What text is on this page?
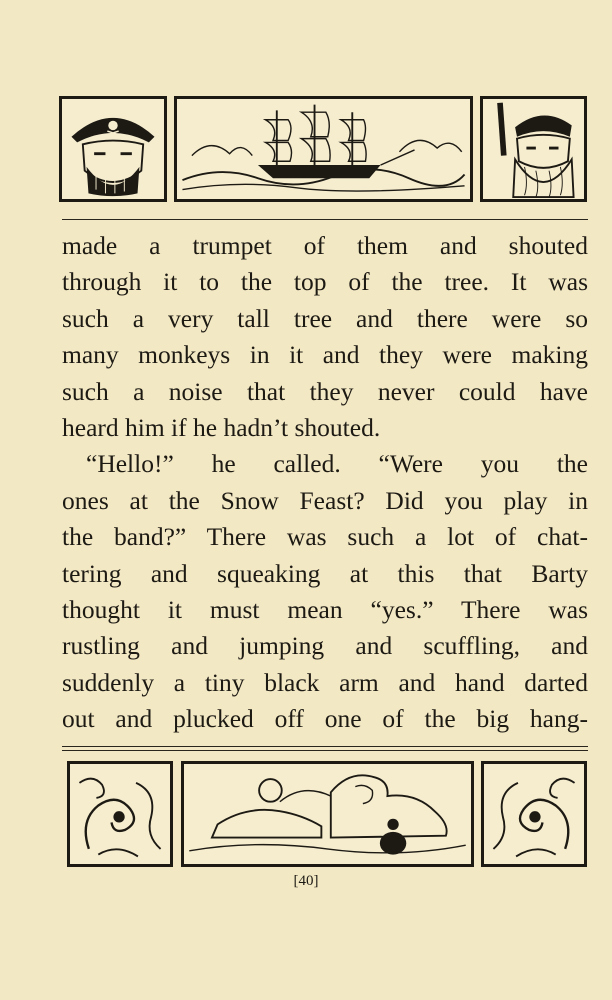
made a trumpet of them and shouted
through it to the top of the tree. It was
such a very tall tree and there were so
many monkeys in it and they were making
such a noise that they never could have
heard him if he hadn’t shouted.
“Hello!” he called. “Were you the
ones at the Snow Feast? Did you play in
the band?” There was such a lot of chat-
tering and squeaking at this that Barty
thought it must mean “yes.” There was
rustling and jumping and scuffling, and
suddenly a tiny black arm and hand darted
out and plucked off one of the big hang-
[40]
